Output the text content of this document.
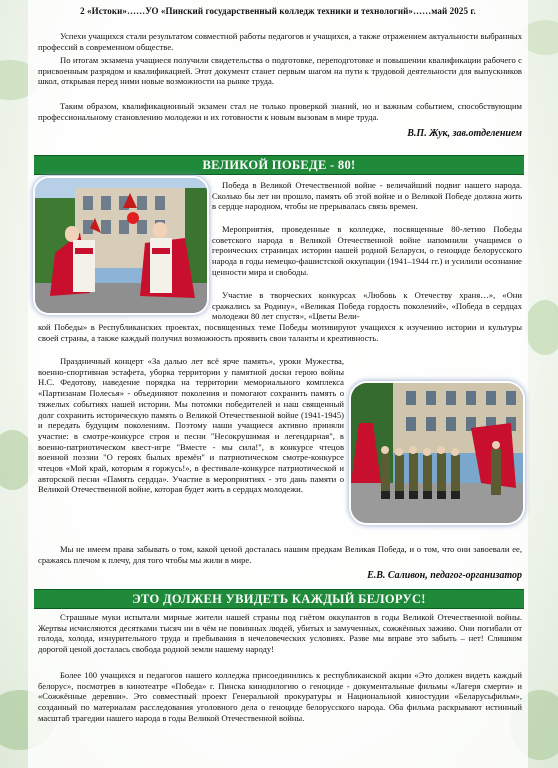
2 «Истоки»……УО «Пинский государственный колледж техники и технологий»……май 2025 г.

Успехи учащихся стали результатом совместной работы педагогов и учащихся, а также отражением актуальности выбранных профессий в современном обществе.

По итогам экзамена учащиеся получили свидетельства о подготовке, переподготовке и повышении квалификации рабочего с присвоенным разрядом и квалификацией. Этот документ станет первым шагом на пути к трудовой деятельности для выпускников школ, открывая перед ними новые возможности на рынке труда.

Таким образом, квалификационный экзамен стал не только проверкой знаний, но и важным событием, способствующим профессиональному становлению молодежи и их готовности к новым вызовам в мире труда.

В.П. Жук, зав.отделением
ВЕЛИКОЙ ПОБЕДЕ - 80!

Победа в Великой Отечественной войне - величайший подвиг нашего народа. Сколько бы лет ни прошло, память об этой войне и о Великой Победе должна жить в сердце народном, чтобы не прерывалась связь времен.

Мероприятия, проведенные в колледже, посвященные 80-летию Победы советского народа в Великой Отечественной войне напомнили учащимся о героических страницах истории нашей родной Беларуси, о геноциде белорусского народа в годы немецко-фашистской оккупации (1941–1944 гг.) и усилили осознание ценности мира и свободы.

Участие в творческих конкурсах «Любовь к Отечеству храня…», «Они сражались за Родину», «Великая Победа гордость поколений», «Победа в сердцах молодежи 80 лет спустя», «Цветы Вели-

кой Победы» в Республиканских проектах, посвященных теме Победы мотивируют учащихся к изучению истории и культуры своей страны, а также каждый получил возможность проявить свои таланты и креативность.

Праздничный концерт «За далью лет всё ярче память», уроки Мужества, военно-спортивная эстафета, уборка территории у памятной доски герою войны Н.С. Федотову, наведение порядка на территории мемориального комплекса «Партизанам Полесья» - объединяют поколения и помогают сохранить память о тяжелых событиях нашей истории. Мы потомки победителей и наш священный долг сохранить историческую память о Великой Отечественной войне (1941-1945) и передать будущим поколениям. Поэтому наши учащиеся активно приняли участие: в смотре-конкурсе строя и песни "Несокрушимая и легендарная", в военно-патриотическом квест-игре "Вместе - мы сила!", в конкурсе чтецов военной поэзии "О героях былых времён" и патриотическом смотре-конкурсе чтецов «Мой край, которым я горжусь!», в фестивале-конкурсе патриотической и авторской песни «Память сердца». Участие в мероприятиях - это дань памяти о Великой Отечественной войне, которая будет жить в сердцах молодежи.

Мы не имеем права забывать о том, какой ценой досталась нашим предкам Великая Победа, и о том, что они завоевали ее, сражаясь плечом к плечу, для того чтобы мы жили в мире.

Е.В. Саливон, педагог-организатор
ЭТО ДОЛЖЕН УВИДЕТЬ КАЖДЫЙ БЕЛОРУС!

Страшные муки испытали мирные жители нашей страны под гнётом оккупантов в годы Великой Отечественной войны. Жертвы исчисляются десятками тысяч ни в чём не повинных людей, убитых и замученных, сожжённых заживо. Они погибали от голода, холода, изнурительного труда и пребывания в нечеловеческих условиях. Разве мы вправе это забыть – нет! Слишком дорогой ценой досталась свобода родной земли нашему народу!

Более 100 учащихся и педагогов нашего колледжа присоединились к республиканской акции «Это должен видеть каждый белорус», посмотрев в кинотеатре «Победа» г. Пинска кинодилогию о геноциде - документальные фильмы «Лагеря смерти» и «Сожжённые деревни». Это совместный проект Генеральной прокуратуры и Национальной киностудии «Беларусьфильм», созданный по материалам расследования уголовного дела о геноциде белорусского народа. Оба фильма раскрывают истинный масштаб трагедии нашего народа в годы Великой Отечественной войны.
